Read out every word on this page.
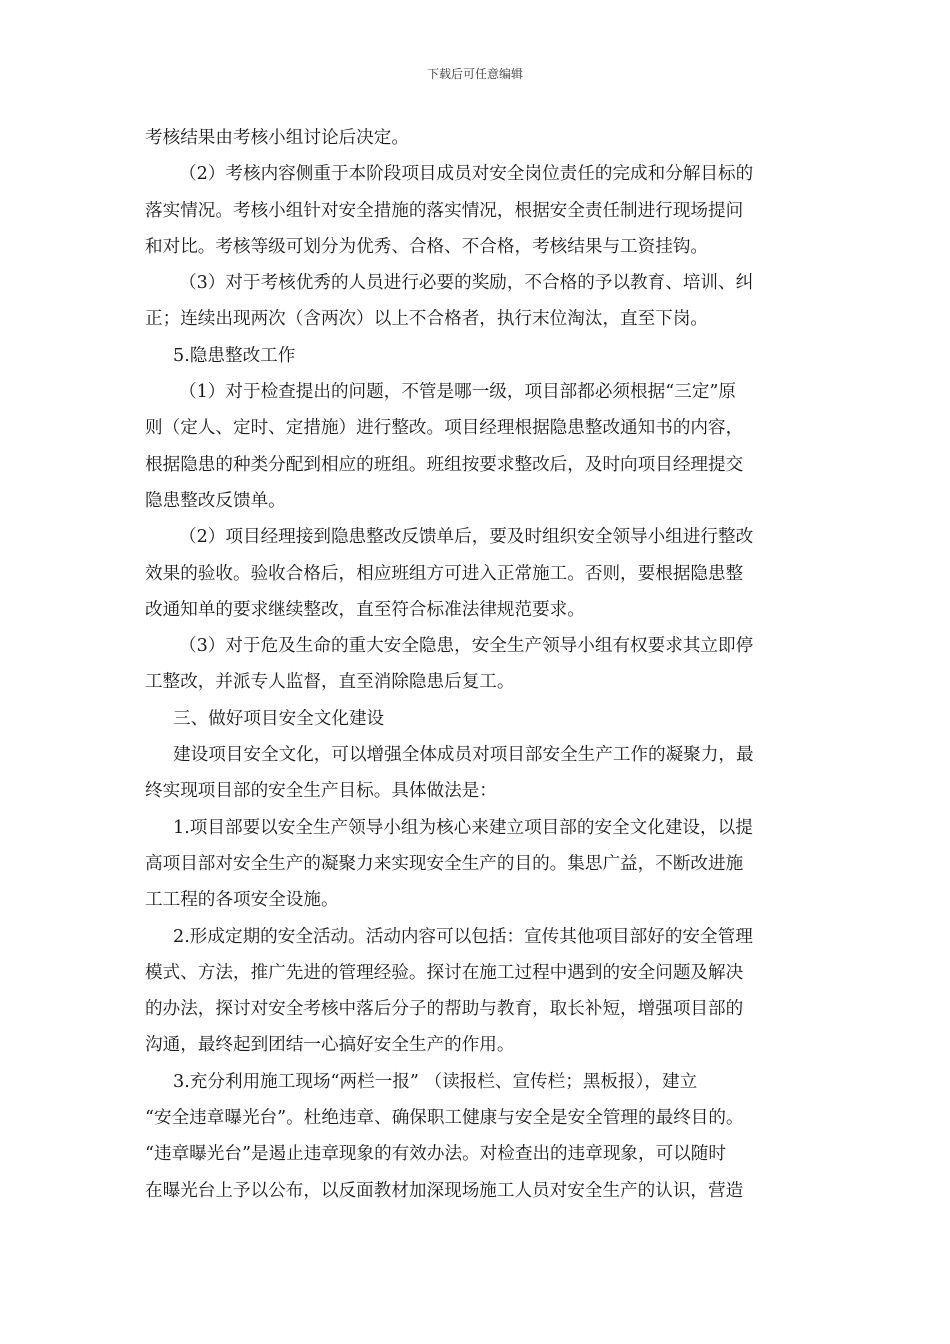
下载后可任意编辑
考核结果由考核小组讨论后决定。
（2）考核内容侧重于本阶段项目成员对安全岗位责任的完成和分解目标的
落实情况。考核小组针对安全措施的落实情况，根据安全责任制进行现场提问
和对比。考核等级可划分为优秀、合格、不合格，考核结果与工资挂钩。
（3）对于考核优秀的人员进行必要的奖励，不合格的予以教育、培训、纠
正；连续出现两次（含两次）以上不合格者，执行末位淘汰，直至下岗。
5.隐患整改工作
（1）对于检查提出的问题，不管是哪一级，项目部都必须根据“三定”原
则（定人、定时、定措施）进行整改。项目经理根据隐患整改通知书的内容，
根据隐患的种类分配到相应的班组。班组按要求整改后，及时向项目经理提交
隐患整改反馈单。
（2）项目经理接到隐患整改反馈单后，要及时组织安全领导小组进行整改
效果的验收。验收合格后，相应班组方可进入正常施工。否则，要根据隐患整
改通知单的要求继续整改，直至符合标准法律规范要求。
（3）对于危及生命的重大安全隐患，安全生产领导小组有权要求其立即停
工整改，并派专人监督，直至消除隐患后复工。
三、做好项目安全文化建设
建设项目安全文化，可以增强全体成员对项目部安全生产工作的凝聚力，最
终实现项目部的安全生产目标。具体做法是：
1.项目部要以安全生产领导小组为核心来建立项目部的安全文化建设，以提
高项目部对安全生产的凝聚力来实现安全生产的目的。集思广益，不断改进施
工工程的各项安全设施。
2.形成定期的安全活动。活动内容可以包括：宣传其他项目部好的安全管理
模式、方法，推广先进的管理经验。探讨在施工过程中遇到的安全问题及解决
的办法，探讨对安全考核中落后分子的帮助与教育，取长补短，增强项目部的
沟通，最终起到团结一心搞好安全生产的作用。
3.充分利用施工现场“两栏一报” （读报栏、宣传栏；黑板报），建立
“安全违章曝光台”。杜绝违章、确保职工健康与安全是安全管理的最终目的。
“违章曝光台”是遏止违章现象的有效办法。对检查出的违章现象，可以随时
在曝光台上予以公布，以反面教材加深现场施工人员对安全生产的认识，营造
